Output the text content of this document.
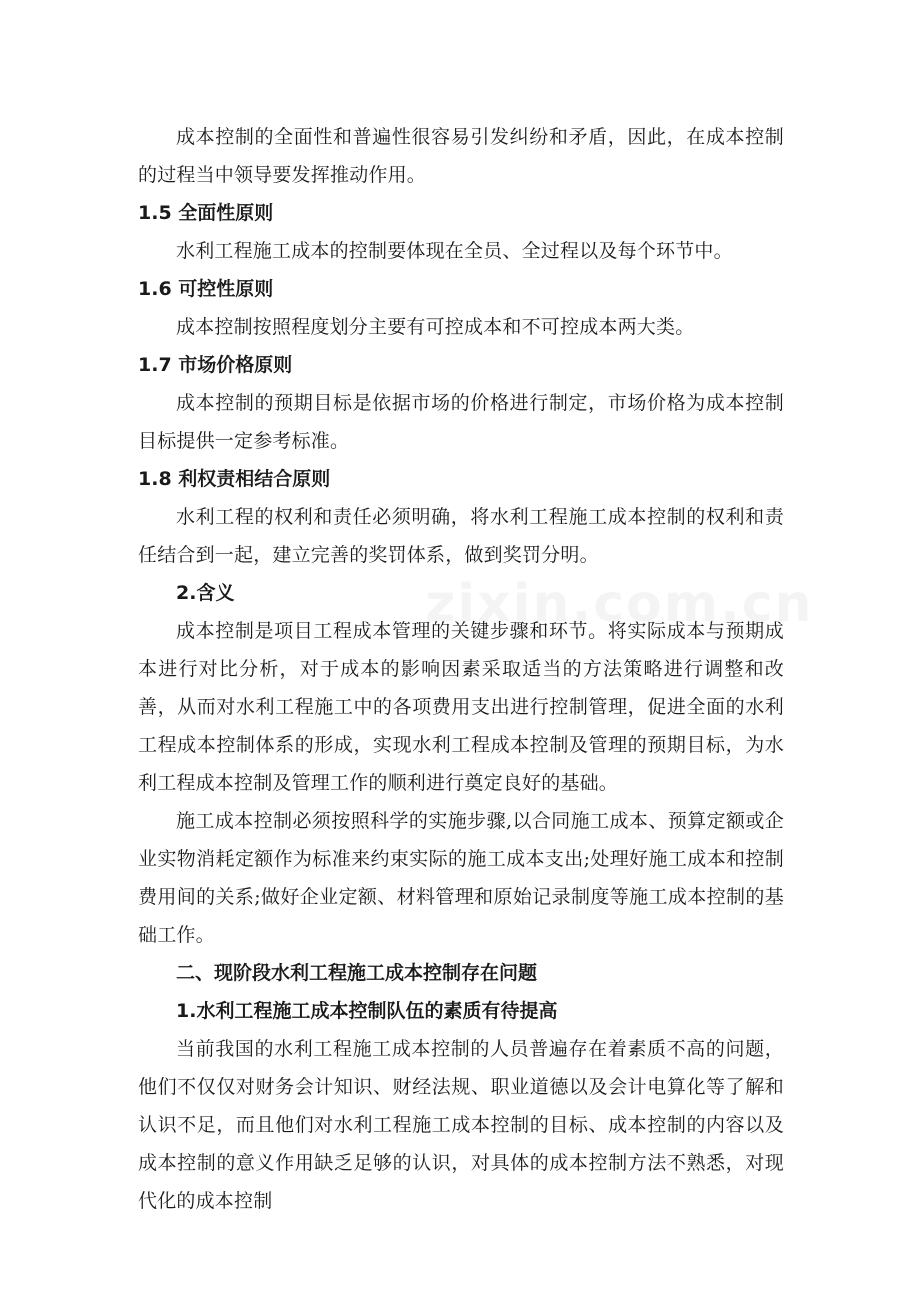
成本控制的全面性和普遍性很容易引发纠纷和矛盾，因此，在成本控制的过程当中领导要发挥推动作用。

1.5 全面性原则

水利工程施工成本的控制要体现在全员、全过程以及每个环节中。

1.6 可控性原则

成本控制按照程度划分主要有可控成本和不可控成本两大类。

1.7 市场价格原则

成本控制的预期目标是依据市场的价格进行制定，市场价格为成本控制目标提供一定参考标准。

1.8 利权责相结合原则

水利工程的权利和责任必须明确，将水利工程施工成本控制的权利和责任结合到一起，建立完善的奖罚体系，做到奖罚分明。

2.含义

成本控制是项目工程成本管理的关键步骤和环节。将实际成本与预期成本进行对比分析，对于成本的影响因素采取适当的方法策略进行调整和改善，从而对水利工程施工中的各项费用支出进行控制管理，促进全面的水利工程成本控制体系的形成，实现水利工程成本控制及管理的预期目标，为水利工程成本控制及管理工作的顺利进行奠定良好的基础。

施工成本控制必须按照科学的实施步骤,以合同施工成本、预算定额或企业实物消耗定额作为标准来约束实际的施工成本支出;处理好施工成本和控制费用间的关系;做好企业定额、材料管理和原始记录制度等施工成本控制的基础工作。

二、现阶段水利工程施工成本控制存在问题

1.水利工程施工成本控制队伍的素质有待提高

当前我国的水利工程施工成本控制的人员普遍存在着素质不高的问题，他们不仅仅对财务会计知识、财经法规、职业道德以及会计电算化等了解和认识不足，而且他们对水利工程施工成本控制的目标、成本控制的内容以及成本控制的意义作用缺乏足够的认识，对具体的成本控制方法不熟悉，对现代化的成本控制
